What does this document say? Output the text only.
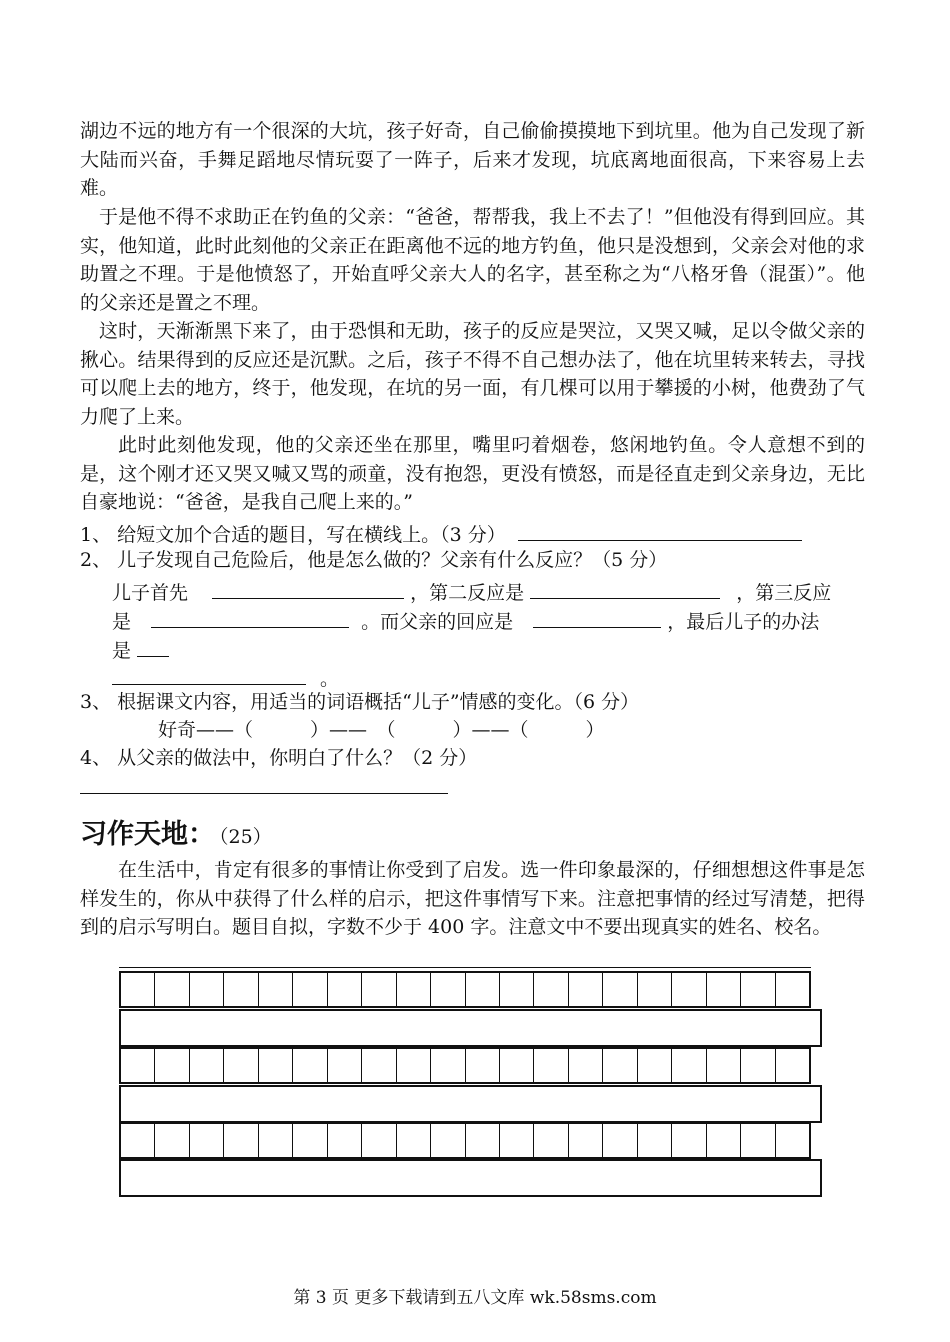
湖边不远的地方有一个很深的大坑，孩子好奇，自己偷偷摸摸地下到坑里。他为自己发现了新大陆而兴奋，手舞足蹈地尽情玩耍了一阵子，后来才发现，坑底离地面很高，下来容易上去难。
于是他不得不求助正在钓鱼的父亲：“爸爸，帮帮我，我上不去了！”但他没有得到回应。其实，他知道，此时此刻他的父亲正在距离他不远的地方钓鱼，他只是没想到，父亲会对他的求助置之不理。于是他愤怒了，开始直呼父亲大人的名字，甚至称之为“八格牙鲁（混蛋）”。他的父亲还是置之不理。
这时，天渐渐黑下来了，由于恐惧和无助，孩子的反应是哭泣，又哭又喊，足以令做父亲的揪心。结果得到的反应还是沉默。之后，孩子不得不自己想办法了，他在坑里转来转去，寻找可以爬上去的地方，终于，他发现，在坑的另一面，有几棵可以用于攀援的小树，他费劲了气力爬了上来。
此时此刻他发现，他的父亲还坐在那里，嘴里叼着烟卷，悠闲地钓鱼。令人意想不到的是，这个刚才还又哭又喊又骂的顽童，没有抱怨，更没有愤怒，而是径直走到父亲身边，无比自豪地说：“爸爸，是我自己爬上来的。”
1、 给短文加个合适的题目，写在横线上。（3 分）
2、 儿子发现自己危险后，他是怎么做的？父亲有什么反应？（5 分）
儿子首先	，第二反应是	，第三反应
是	。而父亲的回应是	，最后儿子的办法
是
。
3、 根据课文内容，用适当的词语概括“儿子”情感的变化。（6 分）
好奇——（　　　）——　（　　　）——（　　　）
4、 从父亲的做法中，你明白了什么？（2 分）
习作天地： （25）
在生活中，肯定有很多的事情让你受到了启发。选一件印象最深的，仔细想想这件事是怎样发生的，你从中获得了什么样的启示，把这件事情写下来。注意把事情的经过写清楚，把得到的启示写明白。题目自拟，字数不少于 400 字。注意文中不要出现真实的姓名、校名。
第 3 页 更多下载请到五八文库 wk.58sms.com
